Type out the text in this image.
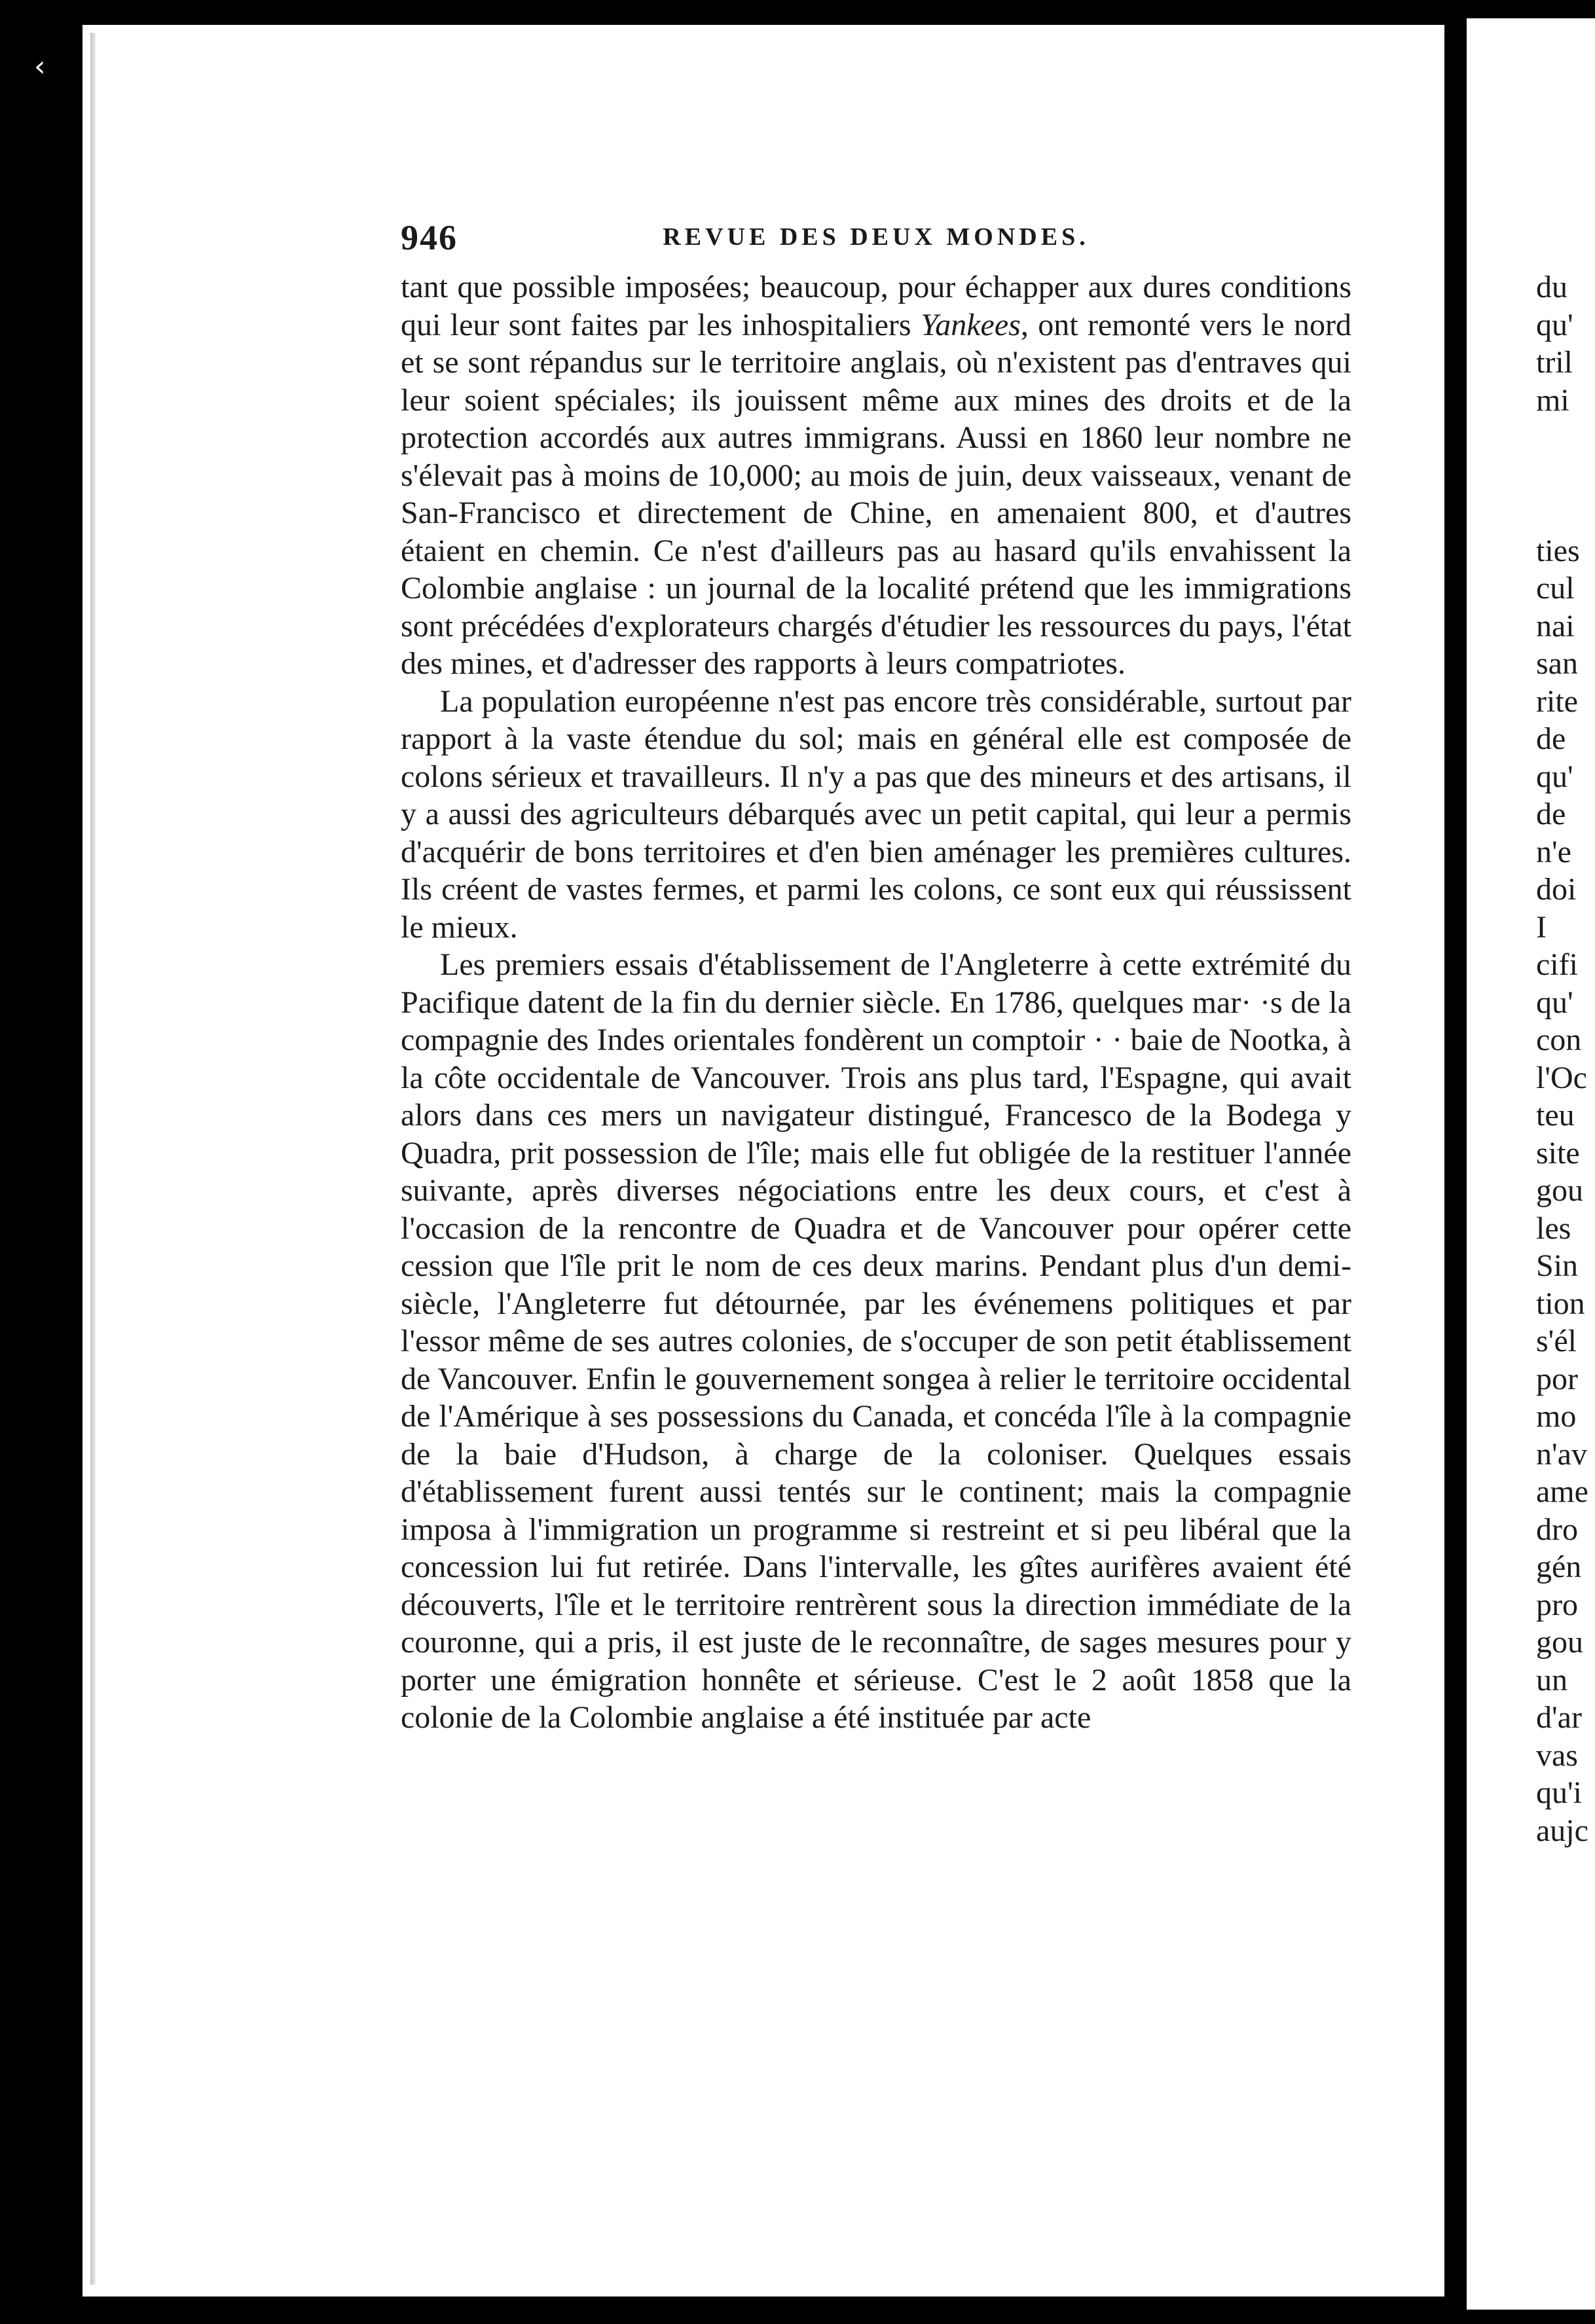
‹
946	REVUE DES DEUX MONDES.

tant que possible imposées; beaucoup, pour échapper aux dures conditions qui leur sont faites par les inhospitaliers Yankees, ont remonté vers le nord et se sont répandus sur le territoire anglais, où n'existent pas d'entraves qui leur soient spéciales; ils jouissent même aux mines des droits et de la protection accordés aux autres immigrans. Aussi en 1860 leur nombre ne s'élevait pas à moins de 10,000; au mois de juin, deux vaisseaux, venant de San-Francisco et directement de Chine, en amenaient 800, et d'autres étaient en chemin. Ce n'est d'ailleurs pas au hasard qu'ils envahissent la Colombie anglaise : un journal de la localité prétend que les immigrations sont précédées d'explorateurs chargés d'étudier les ressources du pays, l'état des mines, et d'adresser des rapports à leurs compatriotes.

La population européenne n'est pas encore très considérable, surtout par rapport à la vaste étendue du sol; mais en général elle est composée de colons sérieux et travailleurs. Il n'y a pas que des mineurs et des artisans, il y a aussi des agriculteurs débarqués avec un petit capital, qui leur a permis d'acquérir de bons territoires et d'en bien aménager les premières cultures. Ils créent de vastes fermes, et parmi les colons, ce sont eux qui réussissent le mieux.

Les premiers essais d'établissement de l'Angleterre à cette extrémité du Pacifique datent de la fin du dernier siècle. En 1786, quelques mar· ·s de la compagnie des Indes orientales fondèrent un comptoir · · baie de Nootka, à la côte occidentale de Vancouver. Trois ans plus tard, l'Espagne, qui avait alors dans ces mers un navigateur distingué, Francesco de la Bodega y Quadra, prit possession de l'île; mais elle fut obligée de la restituer l'année suivante, après diverses négociations entre les deux cours, et c'est à l'occasion de la rencontre de Quadra et de Vancouver pour opérer cette cession que l'île prit le nom de ces deux marins. Pendant plus d'un demi-siècle, l'Angleterre fut détournée, par les événemens politiques et par l'essor même de ses autres colonies, de s'occuper de son petit établissement de Vancouver. Enfin le gouvernement songea à relier le territoire occidental de l'Amérique à ses possessions du Canada, et concéda l'île à la compagnie de la baie d'Hudson, à charge de la coloniser. Quelques essais d'établissement furent aussi tentés sur le continent; mais la compagnie imposa à l'immigration un programme si restreint et si peu libéral que la concession lui fut retirée. Dans l'intervalle, les gîtes aurifères avaient été découverts, l'île et le territoire rentrèrent sous la direction immédiate de la couronne, qui a pris, il est juste de le reconnaître, de sages mesures pour y porter une émigration honnête et sérieuse. C'est le 2 août 1858 que la colonie de la Colombie anglaise a été instituée par acte

du
qu'
tril
mi
ties
cul
nai
san
rite
de
qu'
de
n'e
doi
I
cifi
qu'
con
l'Oc
teu
site
gou
les
Sin
tion
s'él
por
mo
n'av
ame
dro
gén
pro
gou
un
d'ar
vas
qu'i
aujc
